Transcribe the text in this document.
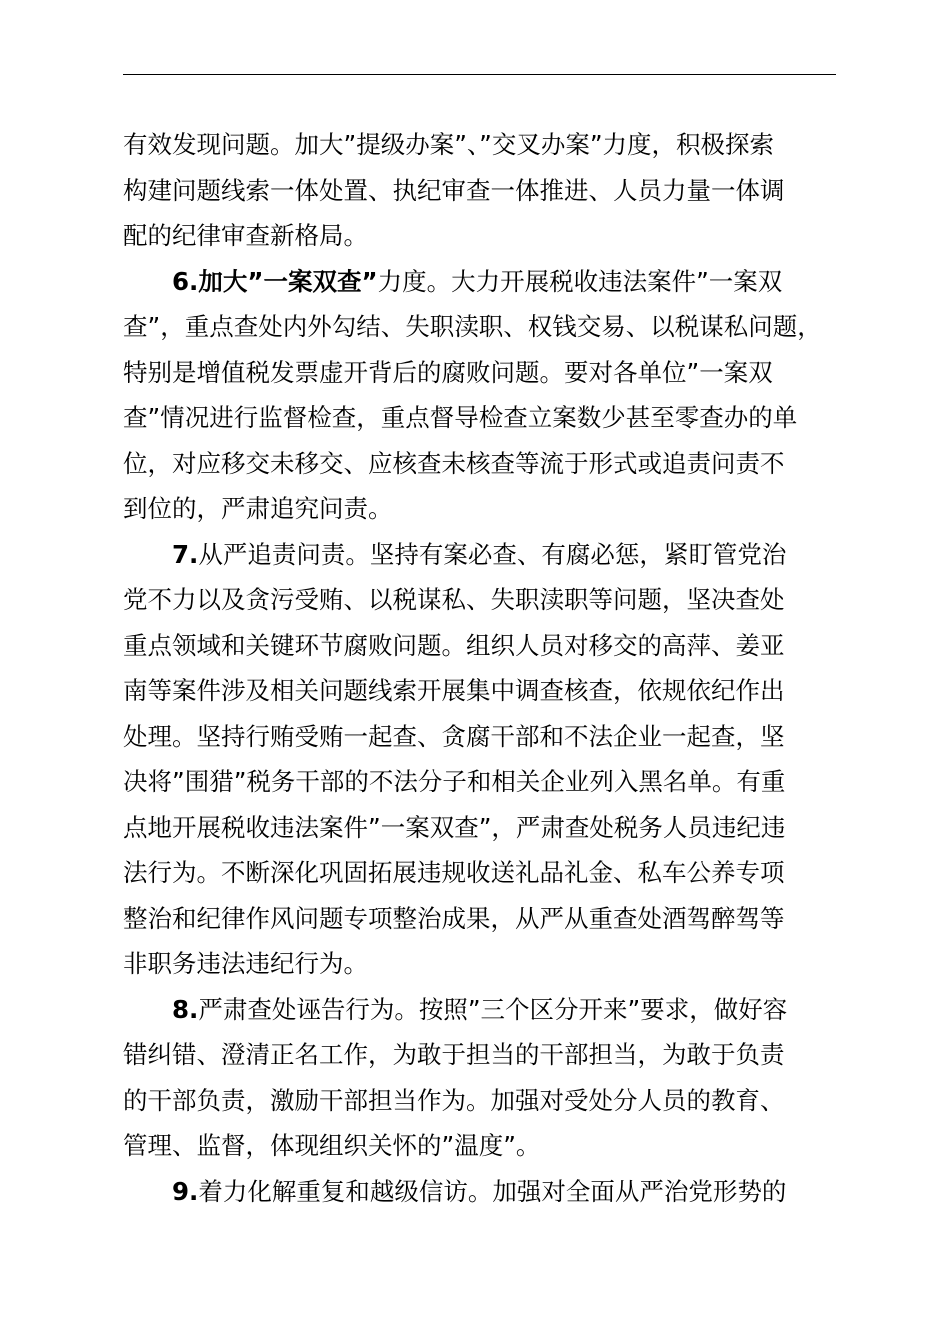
有效发现问题。加大”提级办案”、”交叉办案”力度，积极探索
构建问题线索一体处置、执纪审查一体推进、人员力量一体调
配的纪律审查新格局。
6.加大”一案双查”力度。大力开展税收违法案件”一案双
查”，重点查处内外勾结、失职渎职、权钱交易、以税谋私问题，
特别是增值税发票虚开背后的腐败问题。要对各单位”一案双
查”情况进行监督检查，重点督导检查立案数少甚至零查办的单
位，对应移交未移交、应核查未核查等流于形式或追责问责不
到位的，严肃追究问责。
7.从严追责问责。坚持有案必查、有腐必惩，紧盯管党治
党不力以及贪污受贿、以税谋私、失职渎职等问题，坚决查处
重点领域和关键环节腐败问题。组织人员对移交的高萍、姜亚
南等案件涉及相关问题线索开展集中调查核查，依规依纪作出
处理。坚持行贿受贿一起查、贪腐干部和不法企业一起查，坚
决将”围猎”税务干部的不法分子和相关企业列入黑名单。有重
点地开展税收违法案件”一案双查”，严肃查处税务人员违纪违
法行为。不断深化巩固拓展违规收送礼品礼金、私车公养专项
整治和纪律作风问题专项整治成果，从严从重查处酒驾醉驾等
非职务违法违纪行为。
8.严肃查处诬告行为。按照”三个区分开来”要求，做好容
错纠错、澄清正名工作，为敢于担当的干部担当，为敢于负责
的干部负责，激励干部担当作为。加强对受处分人员的教育、
管理、监督，体现组织关怀的”温度”。
9.着力化解重复和越级信访。加强对全面从严治党形势的
